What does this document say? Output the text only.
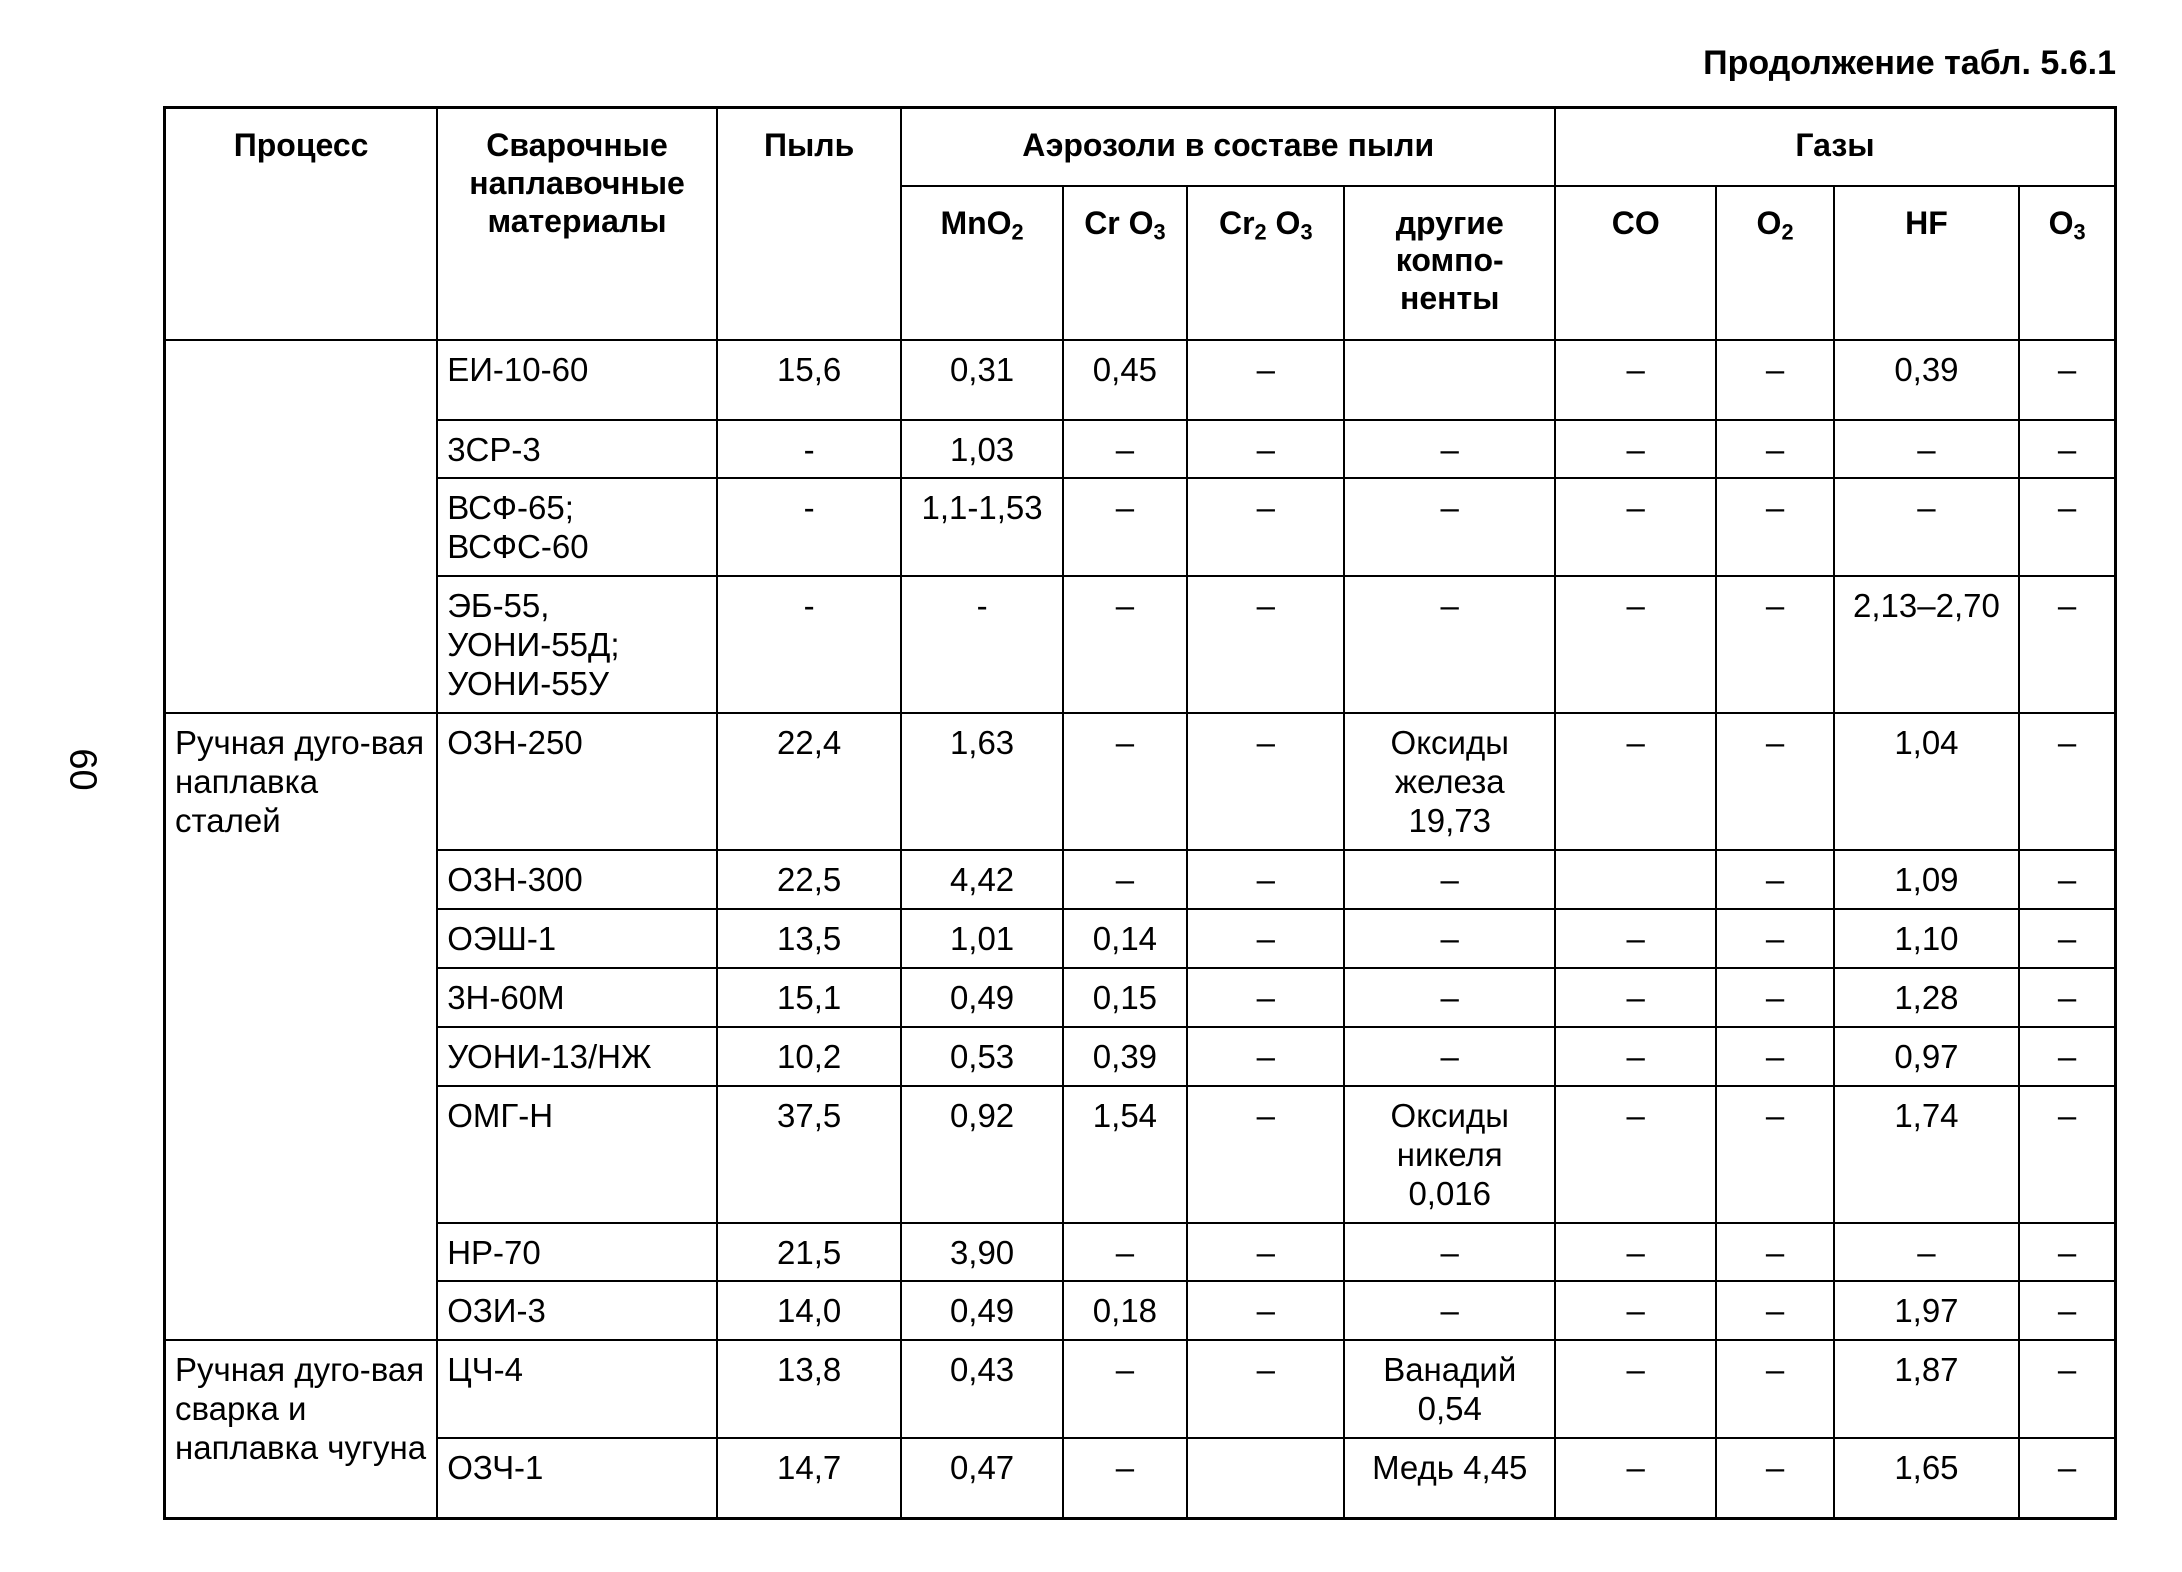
Продолжение табл. 5.6.1
60
Процесс	Сварочные наплавочные материалы	Пыль	Аэрозоли в составе пыли				Газы			
			MnO$_2$	Cr $O_3$	$Cr_2$ $O_3$	другие компо-ненты	CO	$O_2$	HF	$O_3$
	ЕИ-10-60	15,6	0,31	0,45	–		–	–	0,39	–
	3СР-3	-	1,03	–	–	–	–	–	–	–
	ВСФ-65; ВСФС-60	-	1,1-1,53	–	–	–	–	–	–	–
	ЭБ-55, УОНИ-55Д; УОНИ-55У	-	-	–	–	–	–	–	2,13–2,70	–
Ручная дуго-вая наплавка сталей	ОЗН-250	22,4	1,63	–	–	Оксиды железа 19,73	–	–	1,04	–
	ОЗН-300	22,5	4,42	–	–	–		–	1,09	–
	ОЭШ-1	13,5	1,01	0,14	–	–	–	–	1,10	–
	3Н-60М	15,1	0,49	0,15	–	–	–	–	1,28	–
	УОНИ-13/НЖ	10,2	0,53	0,39	–	–	–	–	0,97	–
	ОМГ-Н	37,5	0,92	1,54	–	Оксиды никеля 0,016	–	–	1,74	–
	НР-70	21,5	3,90	–	–	–	–	–	–	–
	ОЗИ-3	14,0	0,49	0,18	–	–	–	–	1,97	–
Ручная дуго-вая сварка и наплавка чугуна	ЦЧ-4	13,8	0,43	–	–	Ванадий 0,54	–	–	1,87	–
	ОЗЧ-1	14,7	0,47	–		Медь 4,45	–	–	1,65	–
